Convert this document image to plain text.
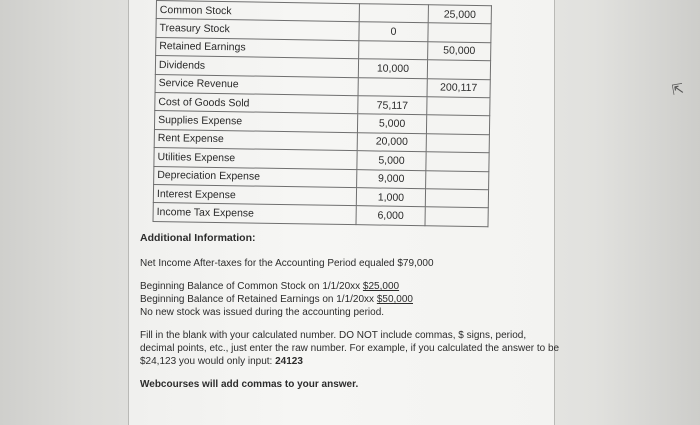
Common Stock		25,000
Treasury Stock	0	
Retained Earnings		50,000
Dividends	10,000	
Service Revenue		200,117
Cost of Goods Sold	75,117	
Supplies Expense	5,000	
Rent Expense	20,000	
Utilities Expense	5,000	
Depreciation Expense	9,000	
Interest Expense	1,000	
Income Tax Expense	6,000	

Additional Information:

Net Income After-taxes for the Accounting Period equaled $79,000

Beginning Balance of Common Stock on 1/1/20xx $25,000

Beginning Balance of Retained Earnings on 1/1/20xx $50,000

No new stock was issued during the accounting period.

Fill in the blank with your calculated number. DO NOT include commas, $ signs, period, decimal points, etc., just enter the raw number. For example, if you calculated the answer to be $24,123 you would only input: 24123

Webcourses will add commas to your answer.

⇱
